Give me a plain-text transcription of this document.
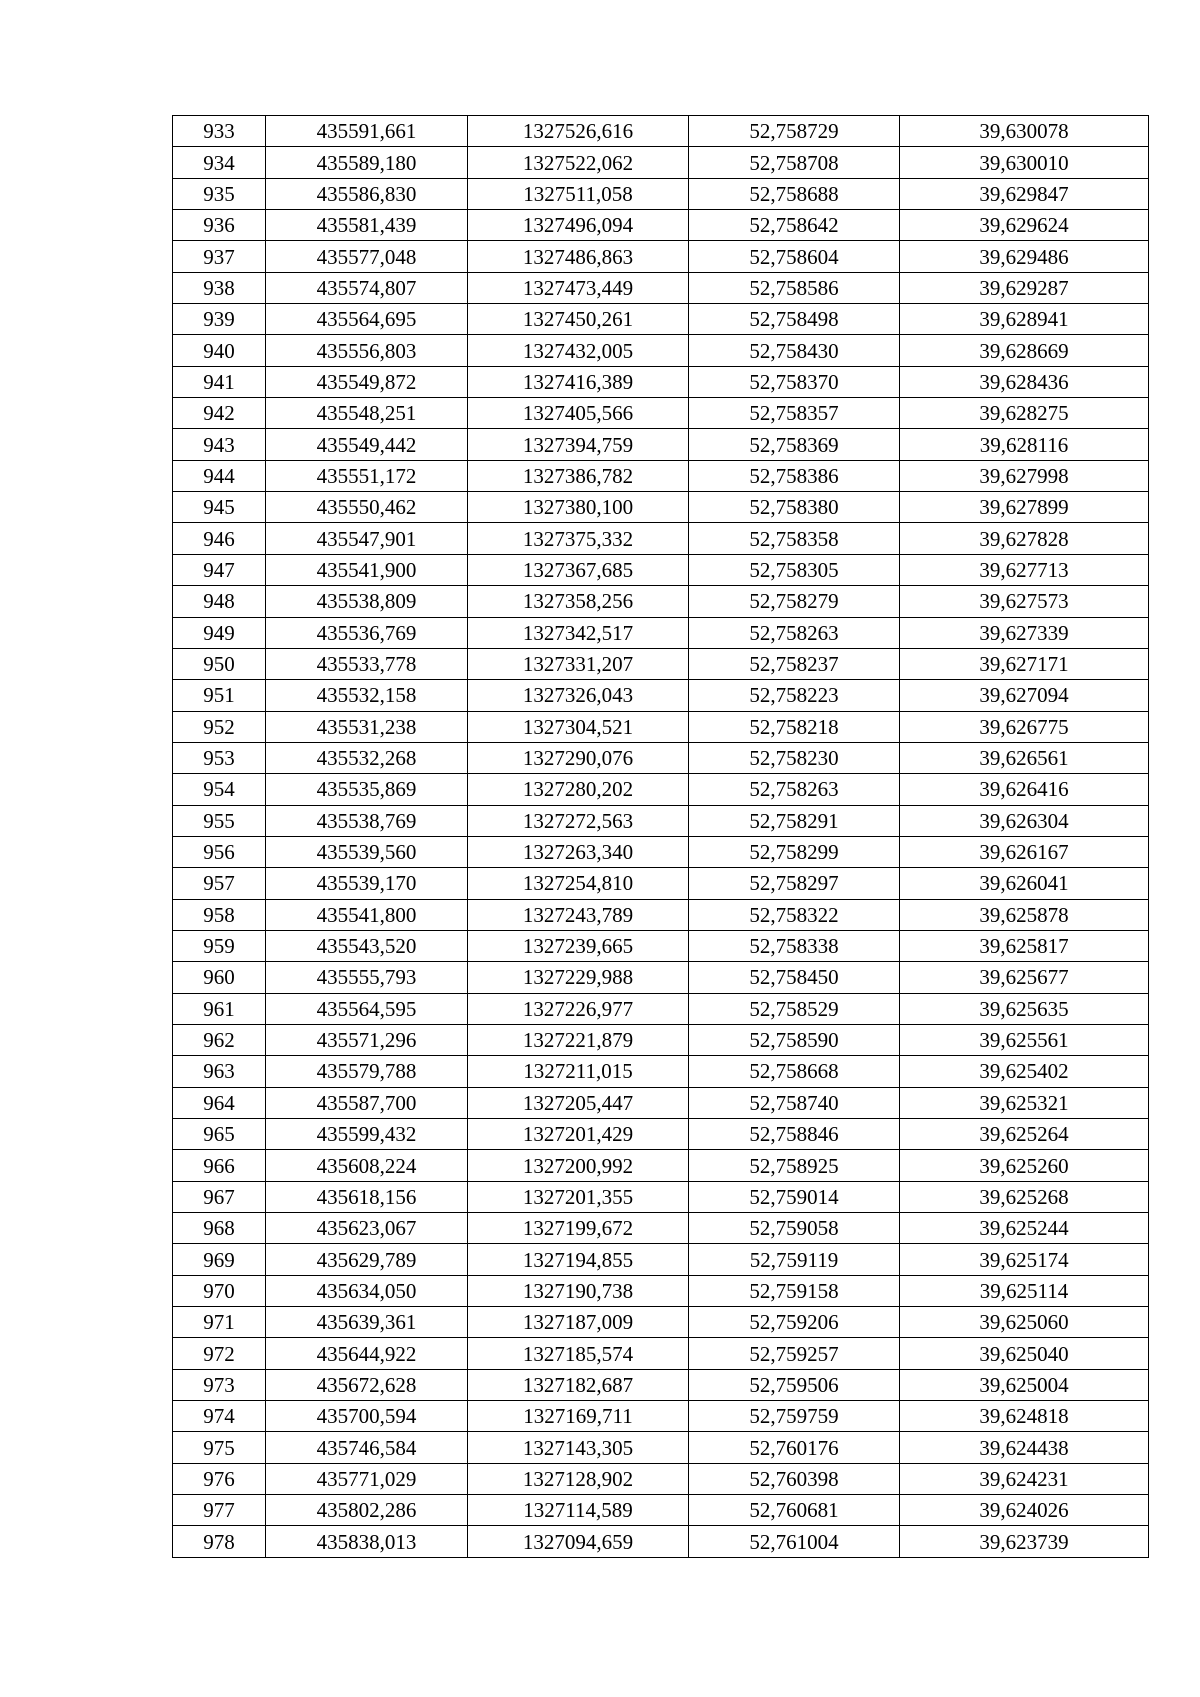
933	435591,661	1327526,616	52,758729	39,630078
934	435589,180	1327522,062	52,758708	39,630010
935	435586,830	1327511,058	52,758688	39,629847
936	435581,439	1327496,094	52,758642	39,629624
937	435577,048	1327486,863	52,758604	39,629486
938	435574,807	1327473,449	52,758586	39,629287
939	435564,695	1327450,261	52,758498	39,628941
940	435556,803	1327432,005	52,758430	39,628669
941	435549,872	1327416,389	52,758370	39,628436
942	435548,251	1327405,566	52,758357	39,628275
943	435549,442	1327394,759	52,758369	39,628116
944	435551,172	1327386,782	52,758386	39,627998
945	435550,462	1327380,100	52,758380	39,627899
946	435547,901	1327375,332	52,758358	39,627828
947	435541,900	1327367,685	52,758305	39,627713
948	435538,809	1327358,256	52,758279	39,627573
949	435536,769	1327342,517	52,758263	39,627339
950	435533,778	1327331,207	52,758237	39,627171
951	435532,158	1327326,043	52,758223	39,627094
952	435531,238	1327304,521	52,758218	39,626775
953	435532,268	1327290,076	52,758230	39,626561
954	435535,869	1327280,202	52,758263	39,626416
955	435538,769	1327272,563	52,758291	39,626304
956	435539,560	1327263,340	52,758299	39,626167
957	435539,170	1327254,810	52,758297	39,626041
958	435541,800	1327243,789	52,758322	39,625878
959	435543,520	1327239,665	52,758338	39,625817
960	435555,793	1327229,988	52,758450	39,625677
961	435564,595	1327226,977	52,758529	39,625635
962	435571,296	1327221,879	52,758590	39,625561
963	435579,788	1327211,015	52,758668	39,625402
964	435587,700	1327205,447	52,758740	39,625321
965	435599,432	1327201,429	52,758846	39,625264
966	435608,224	1327200,992	52,758925	39,625260
967	435618,156	1327201,355	52,759014	39,625268
968	435623,067	1327199,672	52,759058	39,625244
969	435629,789	1327194,855	52,759119	39,625174
970	435634,050	1327190,738	52,759158	39,625114
971	435639,361	1327187,009	52,759206	39,625060
972	435644,922	1327185,574	52,759257	39,625040
973	435672,628	1327182,687	52,759506	39,625004
974	435700,594	1327169,711	52,759759	39,624818
975	435746,584	1327143,305	52,760176	39,624438
976	435771,029	1327128,902	52,760398	39,624231
977	435802,286	1327114,589	52,760681	39,624026
978	435838,013	1327094,659	52,761004	39,623739
